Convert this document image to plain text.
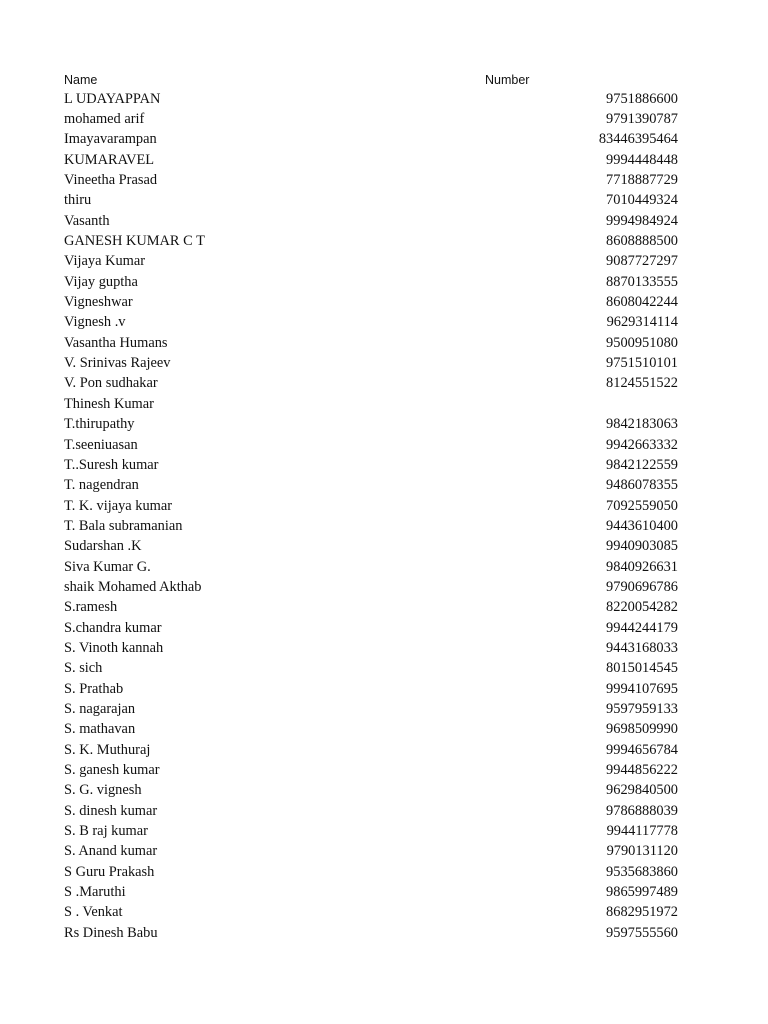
Name	Number
L UDAYAPPAN	9751886600
mohamed arif	9791390787
Imayavarampan	83446395464
KUMARAVEL	9994448448
Vineetha Prasad	7718887729
thiru	7010449324
Vasanth	9994984924
GANESH KUMAR C T	8608888500
Vijaya Kumar	9087727297
Vijay guptha	8870133555
Vigneshwar	8608042244
Vignesh .v	9629314114
Vasantha Humans	9500951080
V. Srinivas Rajeev	9751510101
V. Pon sudhakar	8124551522
Thinesh Kumar
T.thirupathy	9842183063
T.seeniuasan	9942663332
T..Suresh kumar	9842122559
T. nagendran	9486078355
T. K. vijaya kumar	7092559050
T. Bala subramanian	9443610400
Sudarshan .K	9940903085
Siva Kumar G.	9840926631
shaik Mohamed Akthab	9790696786
S.ramesh	8220054282
S.chandra kumar	9944244179
S. Vinoth kannah	9443168033
S. sich	8015014545
S. Prathab	9994107695
S. nagarajan	9597959133
S. mathavan	9698509990
S. K. Muthuraj	9994656784
S. ganesh kumar	9944856222
S. G. vignesh	9629840500
S. dinesh kumar	9786888039
S. B raj kumar	9944117778
S. Anand kumar	9790131120
S Guru Prakash	9535683860
S .Maruthi	9865997489
S . Venkat	8682951972
Rs Dinesh Babu	9597555560
